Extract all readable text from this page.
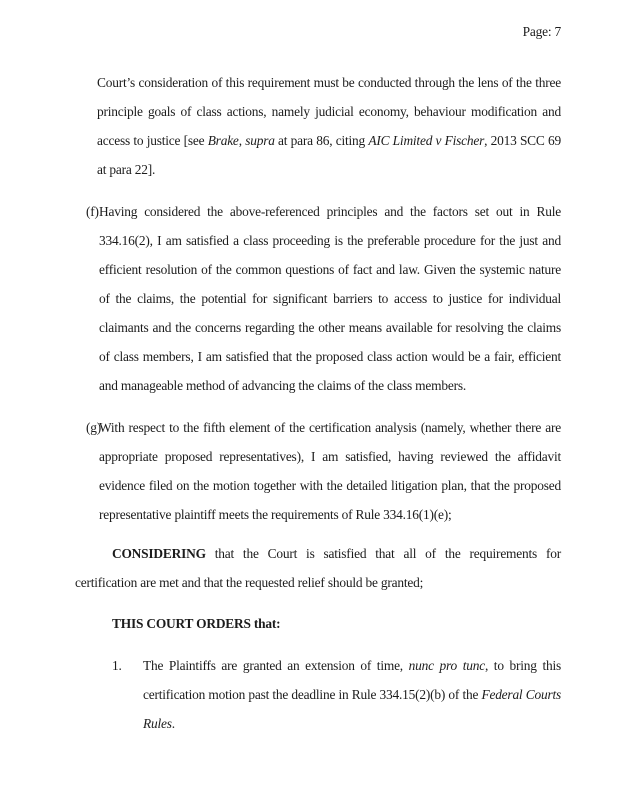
Page: 7
Court’s consideration of this requirement must be conducted through the lens of the three principle goals of class actions, namely judicial economy, behaviour modification and access to justice [see Brake, supra at para 86, citing AIC Limited v Fischer, 2013 SCC 69 at para 22].
(f)Having considered the above-referenced principles and the factors set out in Rule 334.16(2), I am satisfied a class proceeding is the preferable procedure for the just and efficient resolution of the common questions of fact and law. Given the systemic nature of the claims, the potential for significant barriers to access to justice for individual claimants and the concerns regarding the other means available for resolving the claims of class members, I am satisfied that the proposed class action would be a fair, efficient and manageable method of advancing the claims of the class members.
(g)With respect to the fifth element of the certification analysis (namely, whether there are appropriate proposed representatives), I am satisfied, having reviewed the affidavit evidence filed on the motion together with the detailed litigation plan, that the proposed representative plaintiff meets the requirements of Rule 334.16(1)(e);
CONSIDERING that the Court is satisfied that all of the requirements for certification are met and that the requested relief should be granted;
THIS COURT ORDERS that:
1. The Plaintiffs are granted an extension of time, nunc pro tunc, to bring this certification motion past the deadline in Rule 334.15(2)(b) of the Federal Courts Rules.
